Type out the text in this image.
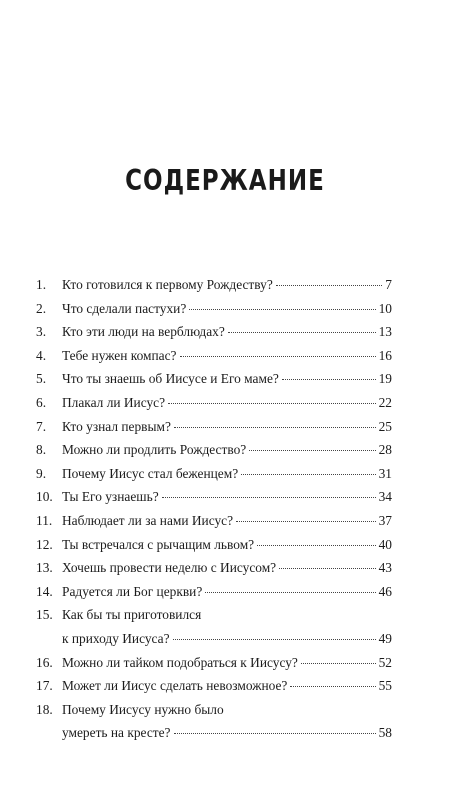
СОДЕРЖАНИЕ
1.	Кто готовился к первому Рождеству?	7
2.	Что сделали пастухи?	10
3.	Кто эти люди на верблюдах?	13
4.	Тебе нужен компас?	16
5.	Что ты знаешь об Иисусе и Его маме?	19
6.	Плакал ли Иисус?	22
7.	Кто узнал первым?	25
8.	Можно ли продлить Рождество?	28
9.	Почему Иисус стал беженцем?	31
10. Ты Его узнаешь?	34
11. Наблюдает ли за нами Иисус?	37
12. Ты встречался с рычащим львом?	40
13. Хочешь провести неделю с Иисусом?	43
14. Радуется ли Бог церкви?	46
15. Как бы ты приготовился
к приходу Иисуса?	49
16. Можно ли тайком подобраться к Иисусу?	52
17. Может ли Иисус сделать невозможное?	55
18. Почему Иисусу нужно было
умереть на кресте?	58
